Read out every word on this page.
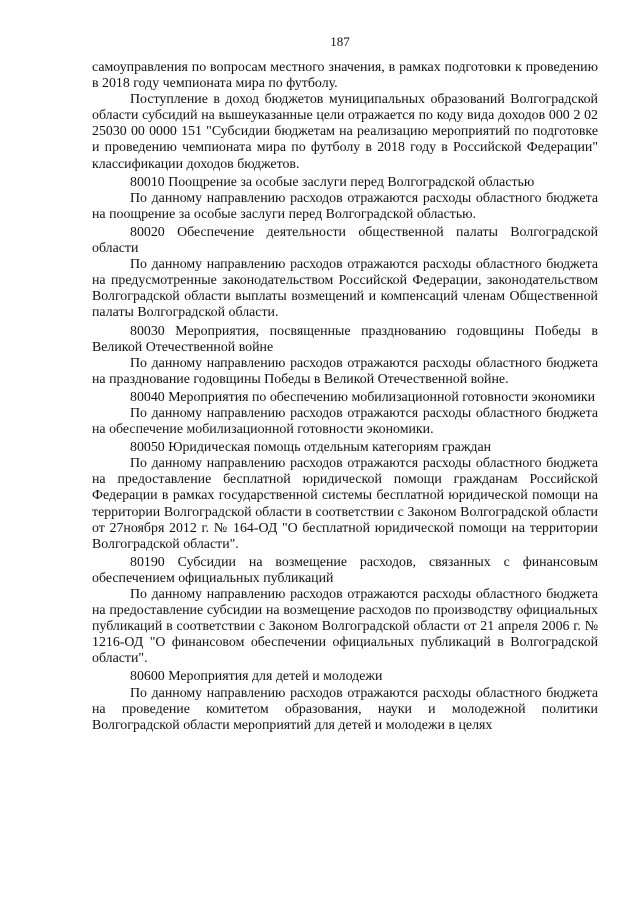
187

самоуправления по вопросам местного значения, в рамках подготовки к проведению в 2018 году чемпионата мира по футболу.

Поступление в доход бюджетов муниципальных образований Волгоградской области субсидий на вышеуказанные цели отражается по коду вида доходов 000 2 02 25030 00 0000 151 "Субсидии бюджетам на реализацию мероприятий по подготовке и проведению чемпионата мира по футболу в 2018 году в Российской Федерации" классификации доходов бюджетов.

80010 Поощрение за особые заслуги перед Волгоградской областью

По данному направлению расходов отражаются расходы областного бюджета на поощрение за особые заслуги перед Волгоградской областью.

80020 Обеспечение деятельности общественной палаты Волгоградской области

По данному направлению расходов отражаются расходы областного бюджета на предусмотренные законодательством Российской Федерации, законодательством Волгоградской области выплаты возмещений и компенсаций членам Общественной палаты Волгоградской области.

80030 Мероприятия, посвященные празднованию годовщины Победы в Великой Отечественной войне

По данному направлению расходов отражаются расходы областного бюджета на празднование годовщины Победы в Великой Отечественной войне.

80040 Мероприятия по обеспечению мобилизационной готовности экономики

По данному направлению расходов отражаются расходы областного бюджета на обеспечение мобилизационной готовности экономики.

80050 Юридическая помощь отдельным категориям граждан

По данному направлению расходов отражаются расходы областного бюджета на предоставление бесплатной юридической помощи гражданам Российской Федерации в рамках государственной системы бесплатной юридической помощи на территории Волгоградской области в соответствии с Законом Волгоградской области от 27ноября 2012 г. № 164-ОД "О бесплатной юридической помощи на территории Волгоградской области".

80190 Субсидии на возмещение расходов, связанных с финансовым обеспечением официальных публикаций

По данному направлению расходов отражаются расходы областного бюджета на предоставление субсидии на возмещение расходов по производству официальных публикаций в соответствии с Законом Волгоградской области от 21 апреля 2006 г. № 1216-ОД "О финансовом обеспечении официальных публикаций в Волгоградской области".

80600 Мероприятия для детей и молодежи

По данному направлению расходов отражаются расходы областного бюджета на проведение комитетом образования, науки и молодежной политики Волгоградской области мероприятий для детей и молодежи в целях
